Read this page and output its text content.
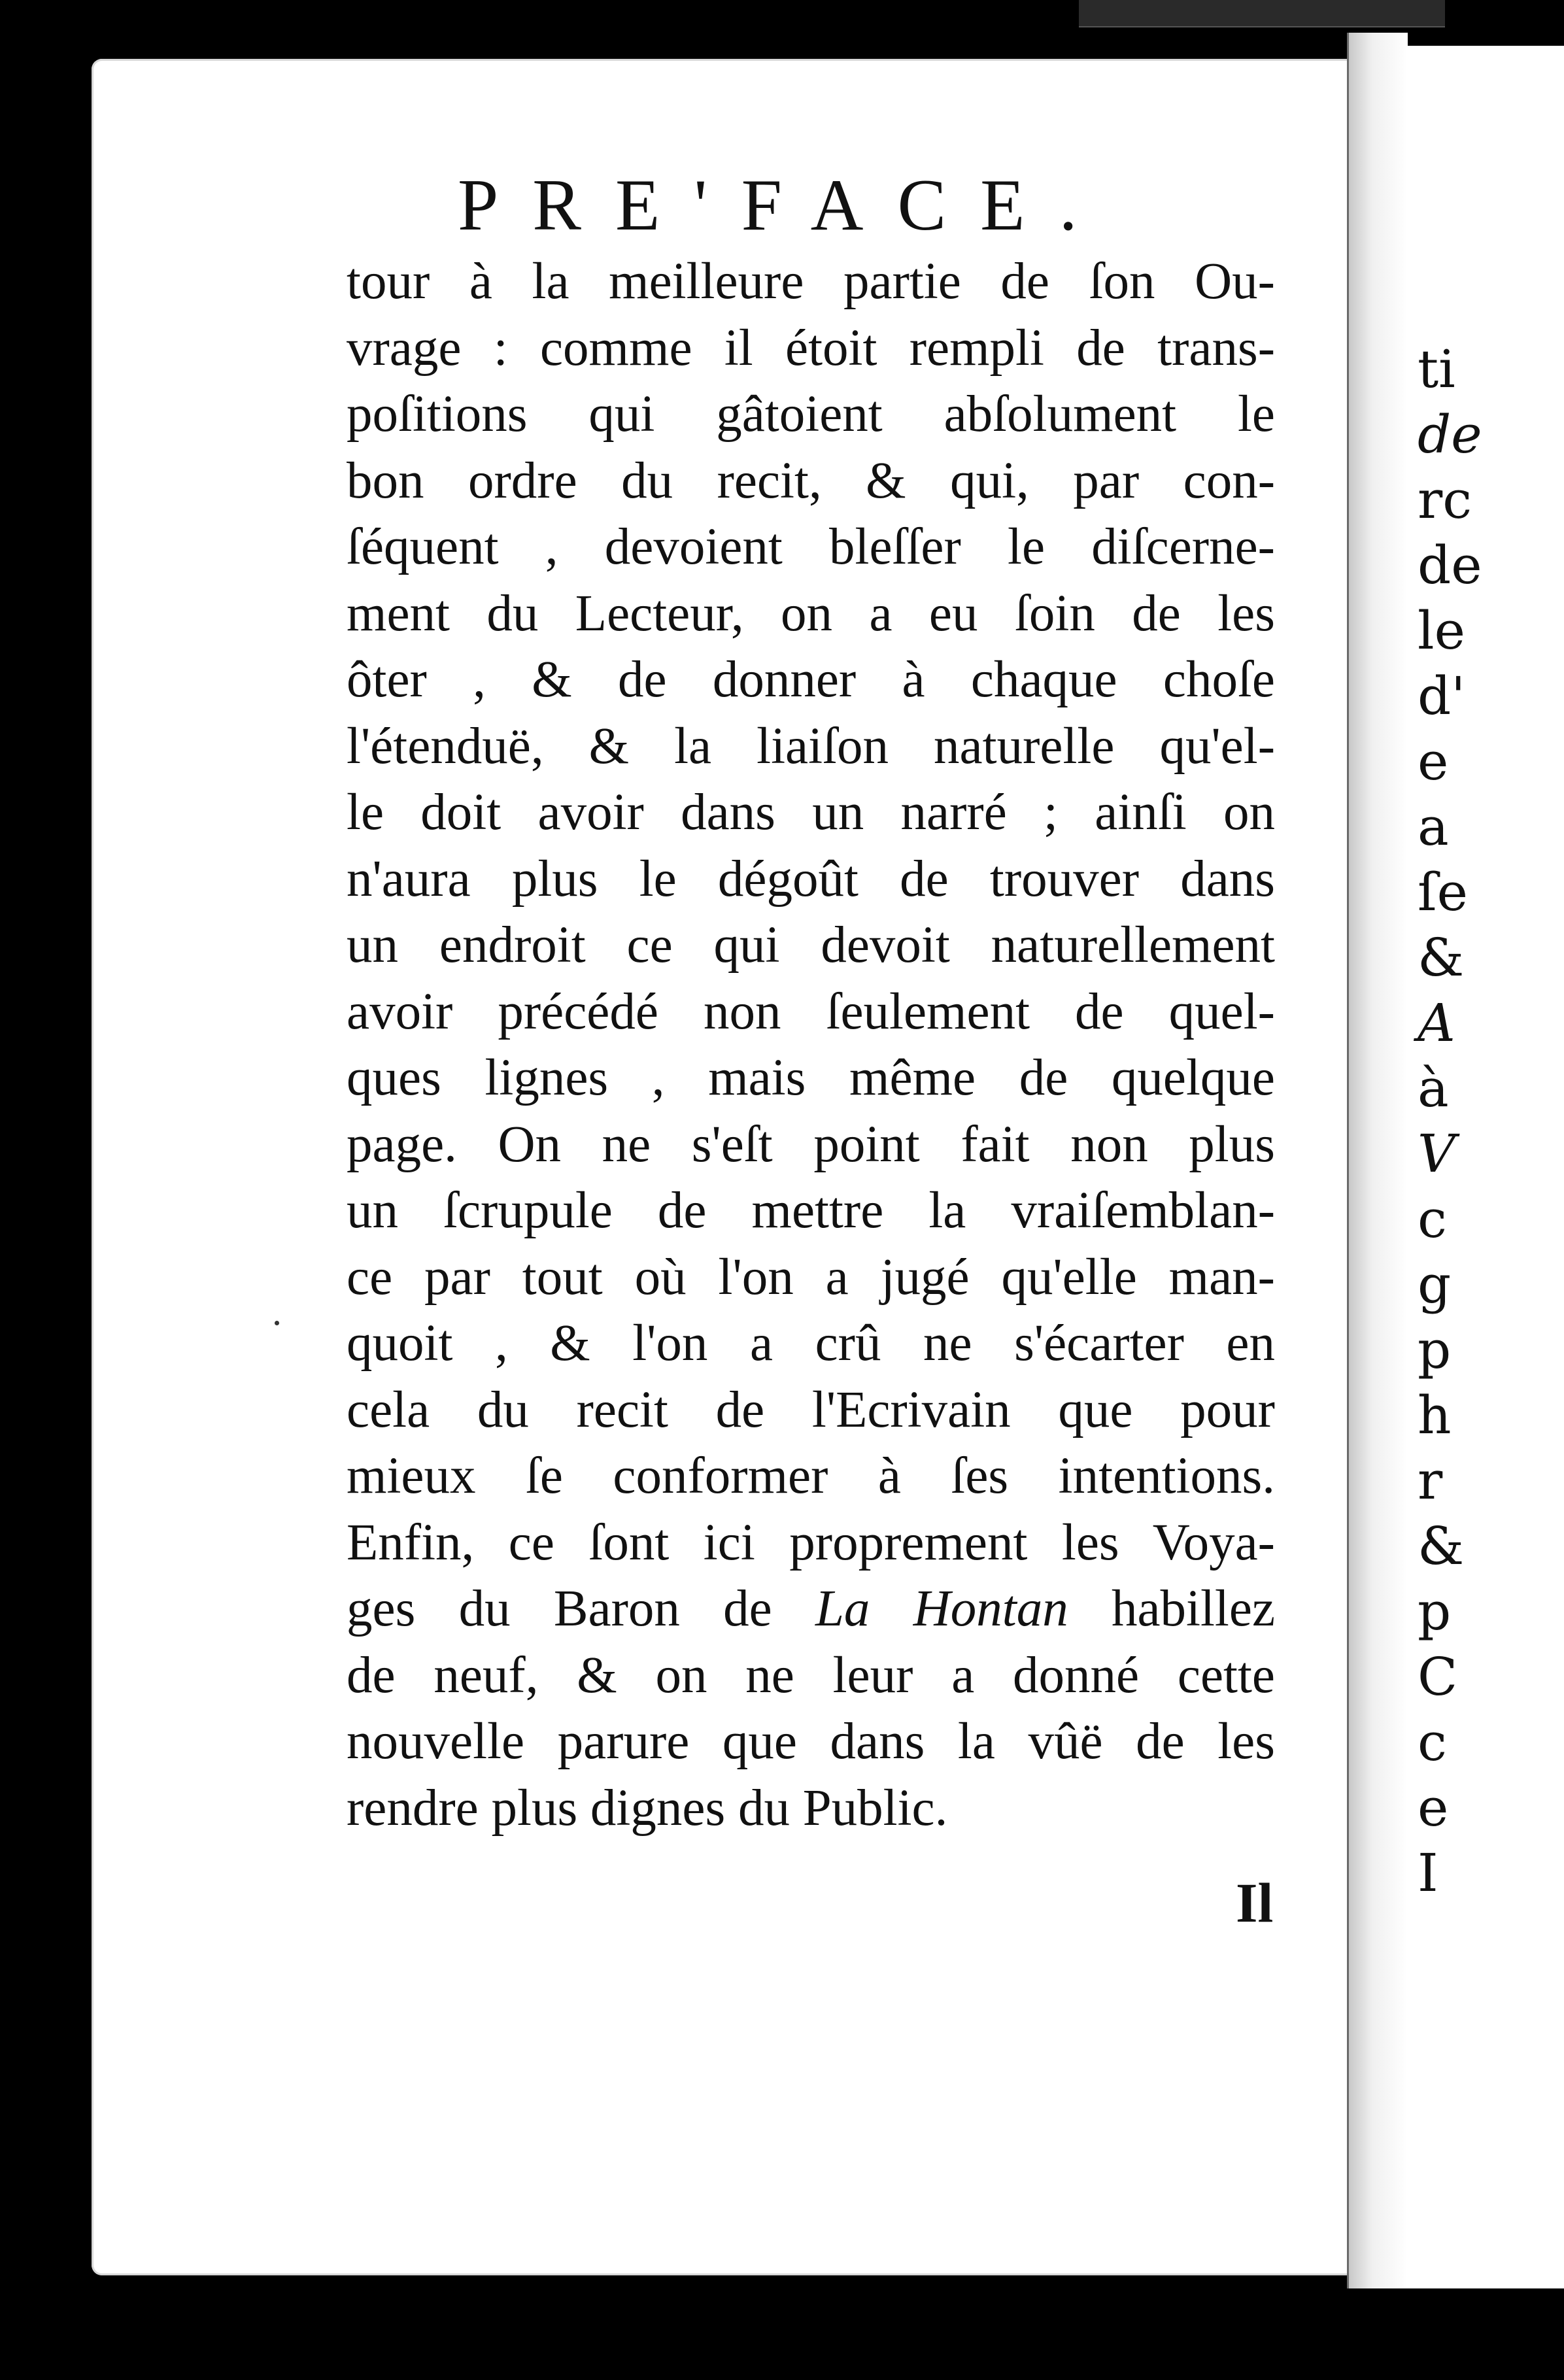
ti
de
rc
de
le
d'
e
a
ſe
&
A
à
V
c
g
p
h
r
&
p
C
c
e
I
PRE'FACE.
tour à la meilleure partie de ſon Ou-
vrage : comme il étoit rempli de trans-
poſitions qui gâtoient abſolument le
bon ordre du recit, & qui, par con-
ſéquent , devoient bleſſer le diſcerne-
ment du Lecteur, on a eu ſoin de les
ôter , & de donner à chaque choſe
l'étenduë, & la liaiſon naturelle qu'el-
le doit avoir dans un narré ; ainſi on
n'aura plus le dégoût de trouver dans
un endroit ce qui devoit naturellement
avoir précédé non ſeulement de quel-
ques lignes , mais même de quelque
page. On ne s'eſt point fait non plus
un ſcrupule de mettre la vraiſemblan-
ce par tout où l'on a jugé qu'elle man-
quoit , & l'on a crû ne s'écarter en
cela du recit de l'Ecrivain que pour
mieux ſe conformer à ſes intentions.
Enfin, ce ſont ici proprement les Voya-
ges du Baron de La Hontan habillez
de neuf, & on ne leur a donné cette
nouvelle parure que dans la vûë de les
rendre plus dignes du Public.
Il
